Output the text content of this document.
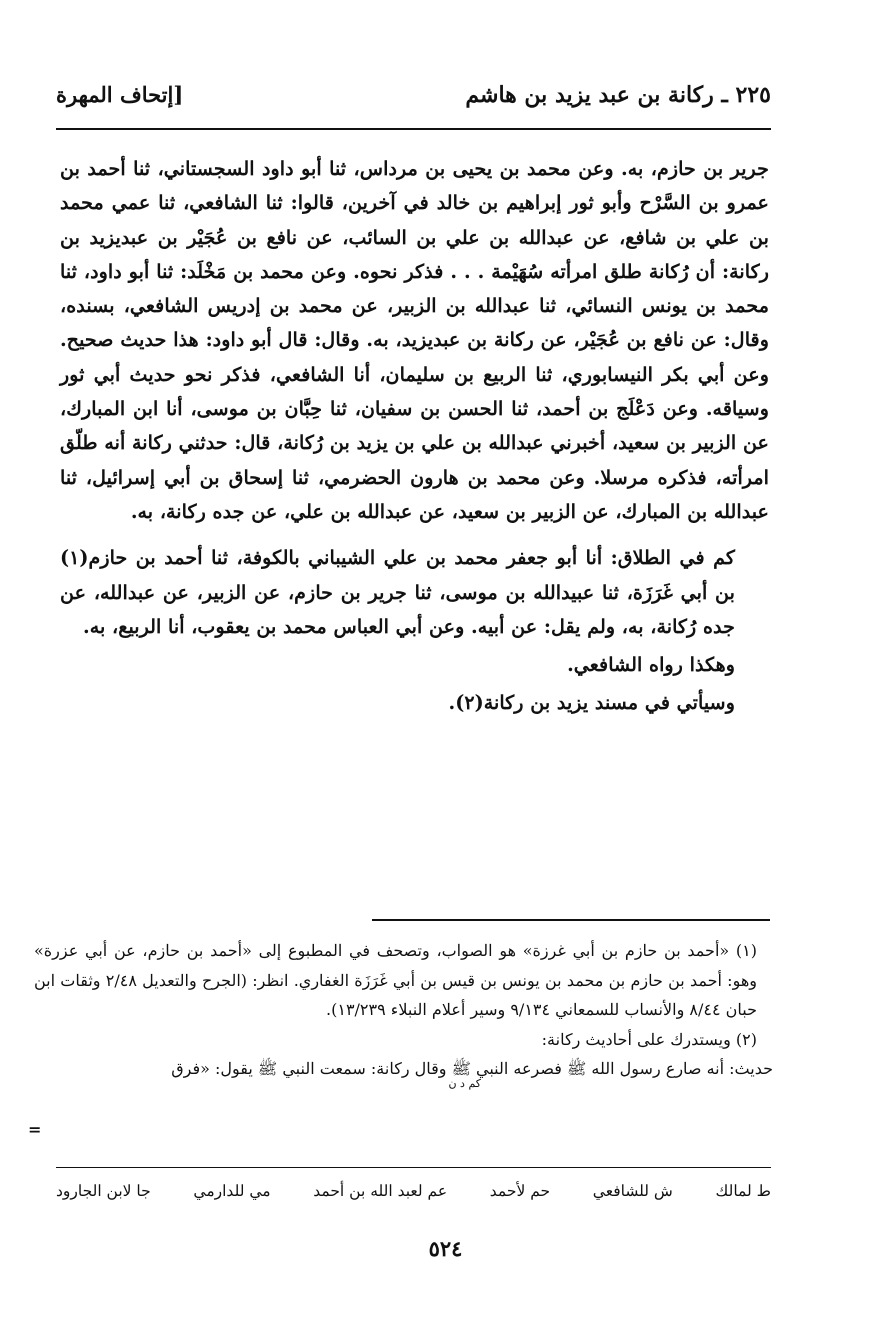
٢٢٥ ـ ركانة بن عبد يزيد بن هاشم
[إتحاف المهرة

جرير بن حازم، به. وعن محمد بن يحيى بن مرداس، ثنا أبو داود السجستاني، ثنا أحمد بن عمرو بن السَّرْح وأبو ثور إبراهيم بن خالد في آخرين، قالوا: ثنا الشافعي، ثنا عمي محمد بن علي بن شافع، عن عبدالله بن علي بن السائب، عن نافع بن عُجَيْر بن عبديزيد بن ركانة: أن رُكانة طلق امرأته سُهَيْمة . . . فذكر نحوه. وعن محمد بن مَخْلَد: ثنا أبو داود، ثنا محمد بن يونس النسائي، ثنا عبدالله بن الزبير، عن محمد بن إدريس الشافعي، بسنده، وقال: عن نافع بن عُجَيْر، عن ركانة بن عبديزيد، به. وقال: قال أبو داود: هذا حديث صحيح. وعن أبي بكر النيسابوري، ثنا الربيع بن سليمان، أنا الشافعي، فذكر نحو حديث أبي ثور وسياقه. وعن دَعْلَج بن أحمد، ثنا الحسن بن سفيان، ثنا حِبَّان بن موسى، أنا ابن المبارك، عن الزبير بن سعيد، أخبرني عبدالله بن علي بن يزيد بن رُكانة، قال: حدثني ركانة أنه طلّق امرأته، فذكره مرسلا. وعن محمد بن هارون الحضرمي، ثنا إسحاق بن أبي إسرائيل، ثنا عبدالله بن المبارك، عن الزبير بن سعيد، عن عبدالله بن علي، عن جده ركانة، به.

كم في الطلاق: أنا أبو جعفر محمد بن علي الشيباني بالكوفة، ثنا أحمد بن حازم(١) بن أبي غَرَزَة، ثنا عبيدالله بن موسى، ثنا جرير بن حازم، عن الزبير، عن عبدالله، عن جده رُكانة، به، ولم يقل: عن أبيه. وعن أبي العباس محمد بن يعقوب، أنا الربيع، به.

وهكذا رواه الشافعي.

وسيأتي في مسند يزيد بن ركانة(٢).

(١) «أحمد بن حازم بن أبي غرزة» هو الصواب، وتصحف في المطبوع إلى «أحمد بن حازم، عن أبي عزرة» وهو: أحمد بن حازم بن محمد بن يونس بن قيس بن أبي غَرَزَة الغفاري. انظر: (الجرح والتعديل ٢/٤٨ وثقات ابن حبان ٨/٤٤ والأنساب للسمعاني ٩/١٣٤ وسير أعلام النبلاء ١٣/٢٣٩).

(٢) ويستدرك على أحاديث ركانة:

حديث: أنه صارع رسول الله ﷺ فصرعه النبي ﷺ وقال ركانة: سمعت النبي ﷺ يقول: «فرق
كم د ن

=
ط لمالك
ش للشافعي
حم لأحمد
عم لعبد الله بن أحمد
مي للدارمي
جا لابن الجارود
٥٢٤
